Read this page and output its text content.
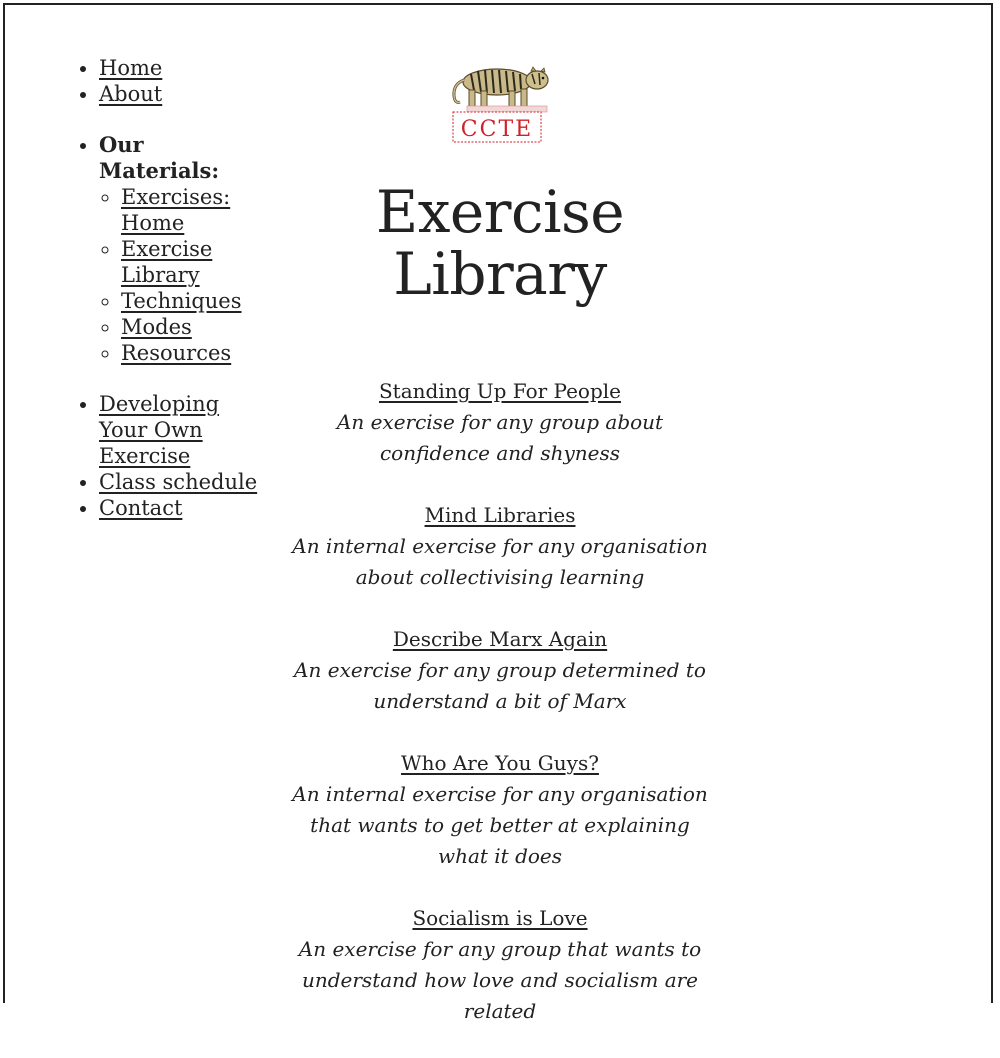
• Home
• About
• Our Materials:
◦ Exercises: Home
◦ Exercise Library
◦ Techniques
◦ Modes
◦ Resources
• Developing Your Own Exercise
• Class schedule
• Contact
CCTE
Exercise Library
Standing Up For People
An exercise for any group about confidence and shyness
Mind Libraries
An internal exercise for any organisation about collectivising learning
Describe Marx Again
An exercise for any group determined to understand a bit of Marx
Who Are You Guys?
An internal exercise for any organisation that wants to get better at explaining what it does
Socialism is Love
An exercise for any group that wants to understand how love and socialism are related
